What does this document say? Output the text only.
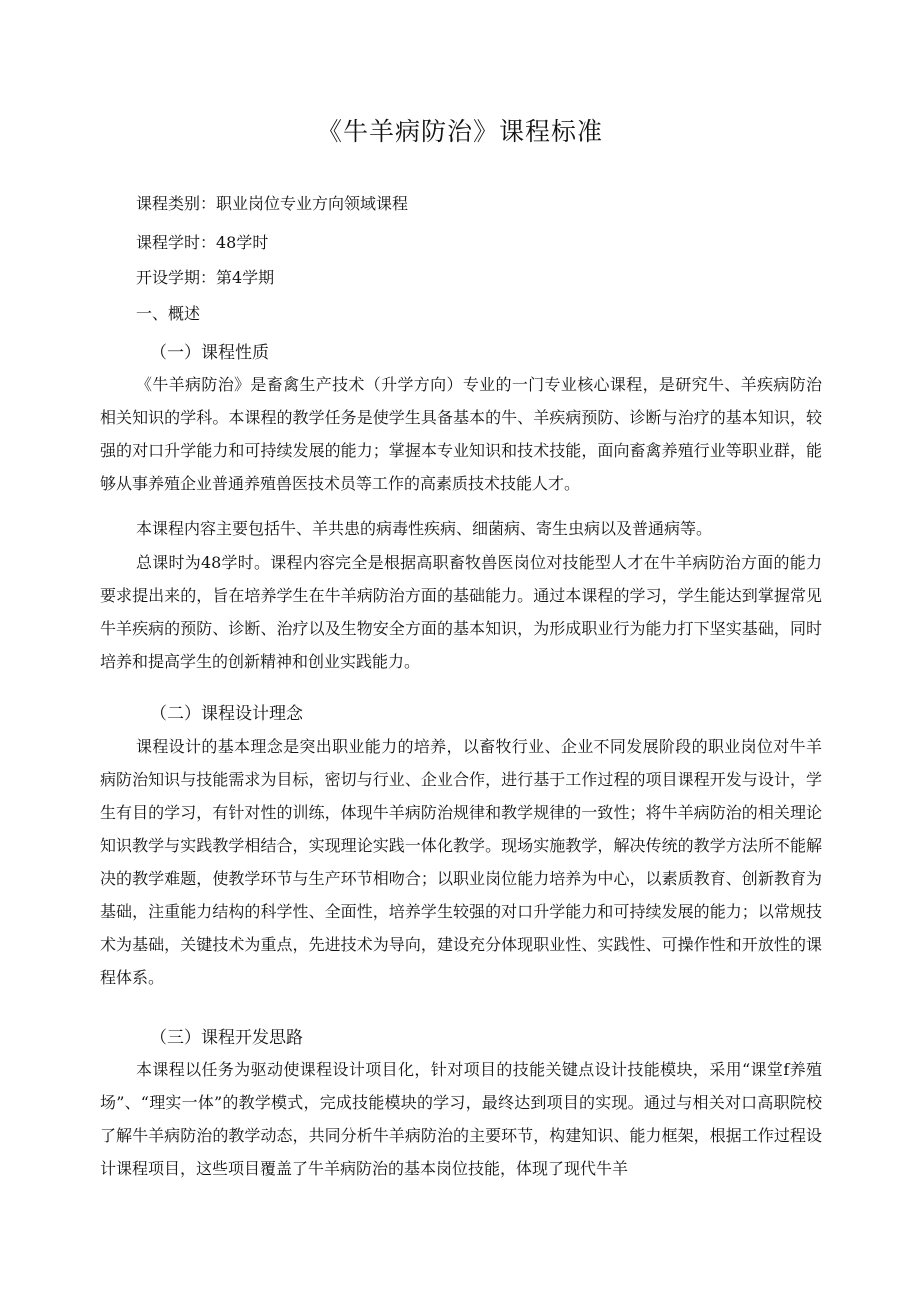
《牛羊病防治》课程标准
课程类别：职业岗位专业方向领域课程
课程学时：48学时
开设学期：第4学期
一、概述
（一）课程性质
《牛羊病防治》是畜禽生产技术（升学方向）专业的一门专业核心课程，是研究牛、羊疾病防治相关知识的学科。本课程的教学任务是使学生具备基本的牛、羊疾病预防、诊断与治疗的基本知识，较强的对口升学能力和可持续发展的能力；掌握本专业知识和技术技能，面向畜禽养殖行业等职业群，能够从事养殖企业普通养殖兽医技术员等工作的高素质技术技能人才。
本课程内容主要包括牛、羊共患的病毒性疾病、细菌病、寄生虫病以及普通病等。
总课时为48学时。课程内容完全是根据高职畜牧兽医岗位对技能型人才在牛羊病防治方面的能力要求提出来的，旨在培养学生在牛羊病防治方面的基础能力。通过本课程的学习，学生能达到掌握常见牛羊疾病的预防、诊断、治疗以及生物安全方面的基本知识，为形成职业行为能力打下坚实基础，同时培养和提高学生的创新精神和创业实践能力。
（二）课程设计理念
课程设计的基本理念是突出职业能力的培养，以畜牧行业、企业不同发展阶段的职业岗位对牛羊病防治知识与技能需求为目标，密切与行业、企业合作，进行基于工作过程的项目课程开发与设计，学生有目的学习，有针对性的训练，体现牛羊病防治规律和教学规律的一致性；将牛羊病防治的相关理论知识教学与实践教学相结合，实现理论实践一体化教学。现场实施教学，解决传统的教学方法所不能解决的教学难题，使教学环节与生产环节相吻合；以职业岗位能力培养为中心，以素质教育、创新教育为基础，注重能力结构的科学性、全面性，培养学生较强的对口升学能力和可持续发展的能力；以常规技术为基础，关键技术为重点，先进技术为导向，建设充分体现职业性、实践性、可操作性和开放性的课程体系。
（三）课程开发思路
本课程以任务为驱动使课程设计项目化，针对项目的技能关键点设计技能模块，采用“课堂f养殖场”、“理实一体”的教学模式，完成技能模块的学习，最终达到项目的实现。通过与相关对口高职院校了解牛羊病防治的教学动态，共同分析牛羊病防治的主要环节，构建知识、能力框架，根据工作过程设计课程项目，这些项目覆盖了牛羊病防治的基本岗位技能，体现了现代牛羊
